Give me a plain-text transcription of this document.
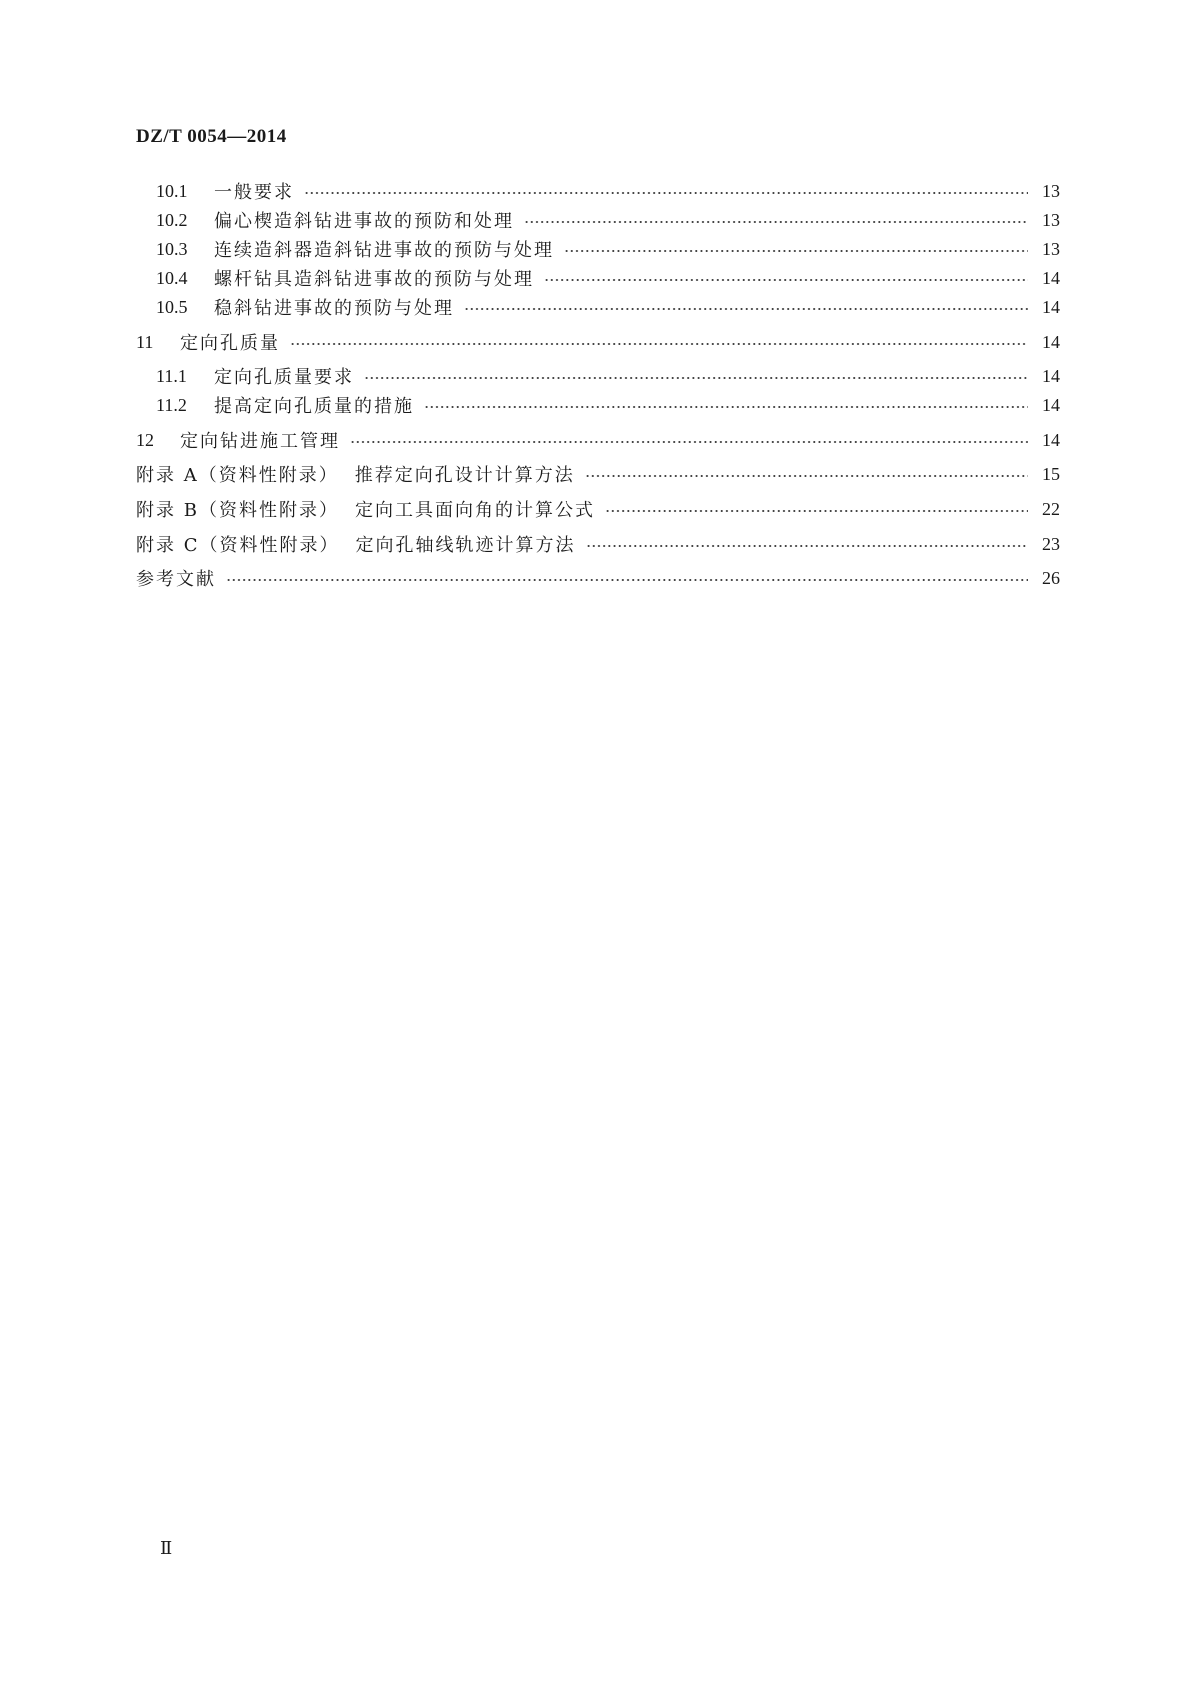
DZ/T 0054—2014
10.1	一般要求	13
10.2	偏心楔造斜钻进事故的预防和处理	13
10.3	连续造斜器造斜钻进事故的预防与处理	13
10.4	螺杆钻具造斜钻进事故的预防与处理	14
10.5	稳斜钻进事故的预防与处理	14
11	定向孔质量	14
11.1	定向孔质量要求	14
11.2	提高定向孔质量的措施	14
12	定向钻进施工管理	14
附录 A（资料性附录） 推荐定向孔设计计算方法	15
附录 B（资料性附录） 定向工具面向角的计算公式	22
附录 C（资料性附录） 定向孔轴线轨迹计算方法	23
参考文献	26
Ⅱ
